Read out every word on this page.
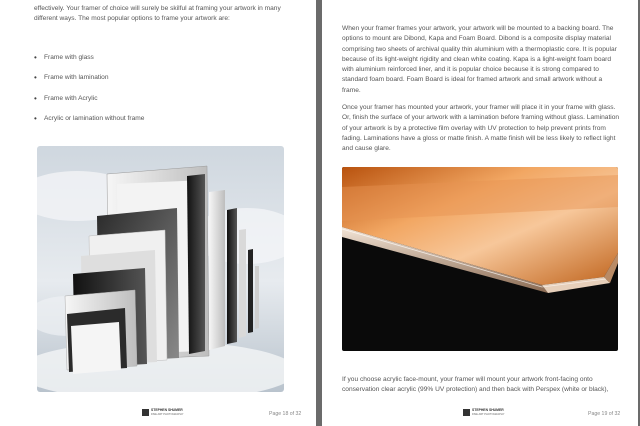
effectively. Your framer of choice will surely be skilful at framing your artwork in many different ways. The most popular options to frame your artwork are:

• Frame with glass
• Frame with lamination
• Frame with Acrylic
• Acrylic or lamination without frame
STEPHEN SHUMER
FINE ART PHOTOGRAPHY	Page 18 of 32

When your framer frames your artwork, your artwork will be mounted to a backing board. The options to mount are Dibond, Kapa and Foam Board. Dibond is a composite display material comprising two sheets of archival quality thin aluminium with a thermoplastic core. It is popular because of its light-weight rigidity and clean white coating. Kapa is a light-weight foam board with aluminium reinforced liner, and it is popular choice because it is strong compared to standard foam board. Foam Board is ideal for framed artwork and small artwork without a frame.

Once your framer has mounted your artwork, your framer will place it in your frame with glass. Or, finish the surface of your artwork with a lamination before framing without glass. Lamination of your artwork is by a protective film overlay with UV protection to help prevent prints from fading. Laminations have a gloss or matte finish. A matte finish will be less likely to reflect light and cause glare.

If you choose acrylic face-mount, your framer will mount your artwork front-facing onto conservation clear acrylic (99% UV protection) and then back with Perspex (white or black),

STEPHEN SHUMER
FINE ART PHOTOGRAPHY	Page 19 of 32
